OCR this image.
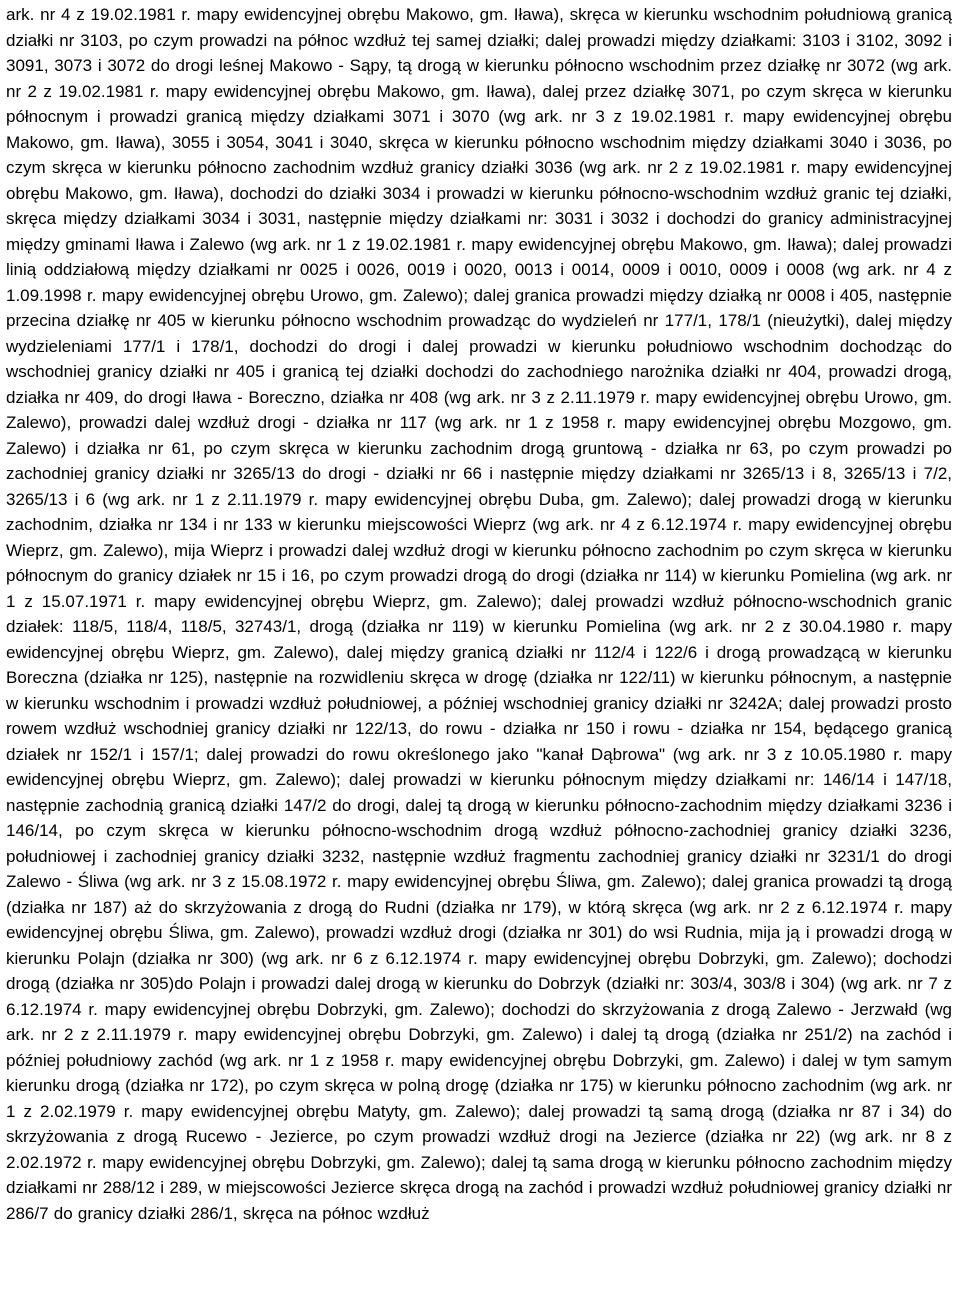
ark. nr 4 z 19.02.1981 r. mapy ewidencyjnej obrębu Makowo, gm. Iława), skręca w kierunku wschodnim południową granicą działki nr 3103, po czym prowadzi na północ wzdłuż tej samej działki; dalej prowadzi między działkami: 3103 i 3102, 3092 i 3091, 3073 i 3072 do drogi leśnej Makowo - Sąpy, tą drogą w kierunku północno wschodnim przez działkę nr 3072 (wg ark. nr 2 z 19.02.1981 r. mapy ewidencyjnej obrębu Makowo, gm. Iława), dalej przez działkę 3071, po czym skręca w kierunku północnym i prowadzi granicą między działkami 3071 i 3070 (wg ark. nr 3 z 19.02.1981 r. mapy ewidencyjnej obrębu Makowo, gm. Iława), 3055 i 3054, 3041 i 3040, skręca w kierunku północno wschodnim między działkami 3040 i 3036, po czym skręca w kierunku północno zachodnim wzdłuż granicy działki 3036 (wg ark. nr 2 z 19.02.1981 r. mapy ewidencyjnej obrębu Makowo, gm. Iława), dochodzi do działki 3034 i prowadzi w kierunku północno-wschodnim wzdłuż granic tej działki, skręca między działkami 3034 i 3031, następnie między działkami nr: 3031 i 3032 i dochodzi do granicy administracyjnej między gminami Iława i Zalewo (wg ark. nr 1 z 19.02.1981 r. mapy ewidencyjnej obrębu Makowo, gm. Iława); dalej prowadzi linią oddziałową między działkami nr 0025 i 0026, 0019 i 0020, 0013 i 0014, 0009 i 0010, 0009 i 0008 (wg ark. nr 4 z 1.09.1998 r. mapy ewidencyjnej obrębu Urowo, gm. Zalewo); dalej granica prowadzi między działką nr 0008 i 405, następnie przecina działkę nr 405 w kierunku północno wschodnim prowadząc do wydzieleń nr 177/1, 178/1 (nieużytki), dalej między wydzieleniami 177/1 i 178/1, dochodzi do drogi i dalej prowadzi w kierunku południowo wschodnim dochodząc do wschodniej granicy działki nr 405 i granicą tej działki dochodzi do zachodniego narożnika działki nr 404, prowadzi drogą, działka nr 409, do drogi Iława - Boreczno, działka nr 408 (wg ark. nr 3 z 2.11.1979 r. mapy ewidencyjnej obrębu Urowo, gm. Zalewo), prowadzi dalej wzdłuż drogi - działka nr 117 (wg ark. nr 1 z 1958 r. mapy ewidencyjnej obrębu Mozgowo, gm. Zalewo) i działka nr 61, po czym skręca w kierunku zachodnim drogą gruntową - działka nr 63, po czym prowadzi po zachodniej granicy działki nr 3265/13 do drogi - działki nr 66 i następnie między działkami nr 3265/13 i 8, 3265/13 i 7/2, 3265/13 i 6 (wg ark. nr 1 z 2.11.1979 r. mapy ewidencyjnej obrębu Duba, gm. Zalewo); dalej prowadzi drogą w kierunku zachodnim, działka nr 134 i nr 133 w kierunku miejscowości Wieprz (wg ark. nr 4 z 6.12.1974 r. mapy ewidencyjnej obrębu Wieprz, gm. Zalewo), mija Wieprz i prowadzi dalej wzdłuż drogi w kierunku północno zachodnim po czym skręca w kierunku północnym do granicy działek nr 15 i 16, po czym prowadzi drogą do drogi (działka nr 114) w kierunku Pomielina (wg ark. nr 1 z 15.07.1971 r. mapy ewidencyjnej obrębu Wieprz, gm. Zalewo); dalej prowadzi wzdłuż północno-wschodnich granic działek: 118/5, 118/4, 118/5, 32743/1, drogą (działka nr 119) w kierunku Pomielina (wg ark. nr 2 z 30.04.1980 r. mapy ewidencyjnej obrębu Wieprz, gm. Zalewo), dalej między granicą działki nr 112/4 i 122/6 i drogą prowadzącą w kierunku Boreczna (działka nr 125), następnie na rozwidleniu skręca w drogę (działka nr 122/11) w kierunku północnym, a następnie w kierunku wschodnim i prowadzi wzdłuż południowej, a później wschodniej granicy działki nr 3242A; dalej prowadzi prosto rowem wzdłuż wschodniej granicy działki nr 122/13, do rowu - działka nr 150 i rowu - działka nr 154, będącego granicą działek nr 152/1 i 157/1; dalej prowadzi do rowu określonego jako "kanał Dąbrowa" (wg ark. nr 3 z 10.05.1980 r. mapy ewidencyjnej obrębu Wieprz, gm. Zalewo); dalej prowadzi w kierunku północnym między działkami nr: 146/14 i 147/18, następnie zachodnią granicą działki 147/2 do drogi, dalej tą drogą w kierunku północno-zachodnim między działkami 3236 i 146/14, po czym skręca w kierunku północno-wschodnim drogą wzdłuż północno-zachodniej granicy działki 3236, południowej i zachodniej granicy działki 3232, następnie wzdłuż fragmentu zachodniej granicy działki nr 3231/1 do drogi Zalewo - Śliwa (wg ark. nr 3 z 15.08.1972 r. mapy ewidencyjnej obrębu Śliwa, gm. Zalewo); dalej granica prowadzi tą drogą (działka nr 187) aż do skrzyżowania z drogą do Rudni (działka nr 179), w którą skręca (wg ark. nr 2 z 6.12.1974 r. mapy ewidencyjnej obrębu Śliwa, gm. Zalewo), prowadzi wzdłuż drogi (działka nr 301) do wsi Rudnia, mija ją i prowadzi drogą w kierunku Polajn (działka nr 300) (wg ark. nr 6 z 6.12.1974 r. mapy ewidencyjnej obrębu Dobrzyki, gm. Zalewo); dochodzi drogą (działka nr 305)do Polajn i prowadzi dalej drogą w kierunku do Dobrzyk (działki nr: 303/4, 303/8 i 304) (wg ark. nr 7 z 6.12.1974 r. mapy ewidencyjnej obrębu Dobrzyki, gm. Zalewo); dochodzi do skrzyżowania z drogą Zalewo - Jerzwałd (wg ark. nr 2 z 2.11.1979 r. mapy ewidencyjnej obrębu Dobrzyki, gm. Zalewo) i dalej tą drogą (działka nr 251/2) na zachód i później południowy zachód (wg ark. nr 1 z 1958 r. mapy ewidencyjnej obrębu Dobrzyki, gm. Zalewo) i dalej w tym samym kierunku drogą (działka nr 172), po czym skręca w polną drogę (działka nr 175) w kierunku północno zachodnim (wg ark. nr 1 z 2.02.1979 r. mapy ewidencyjnej obrębu Matyty, gm. Zalewo); dalej prowadzi tą samą drogą (działka nr 87 i 34) do skrzyżowania z drogą Rucewo - Jezierce, po czym prowadzi wzdłuż drogi na Jezierce (działka nr 22) (wg ark. nr 8 z 2.02.1972 r. mapy ewidencyjnej obrębu Dobrzyki, gm. Zalewo); dalej tą sama drogą w kierunku północno zachodnim między działkami nr 288/12 i 289, w miejscowości Jezierce skręca drogą na zachód i prowadzi wzdłuż południowej granicy działki nr 286/7 do granicy działki 286/1, skręca na północ wzdłuż
